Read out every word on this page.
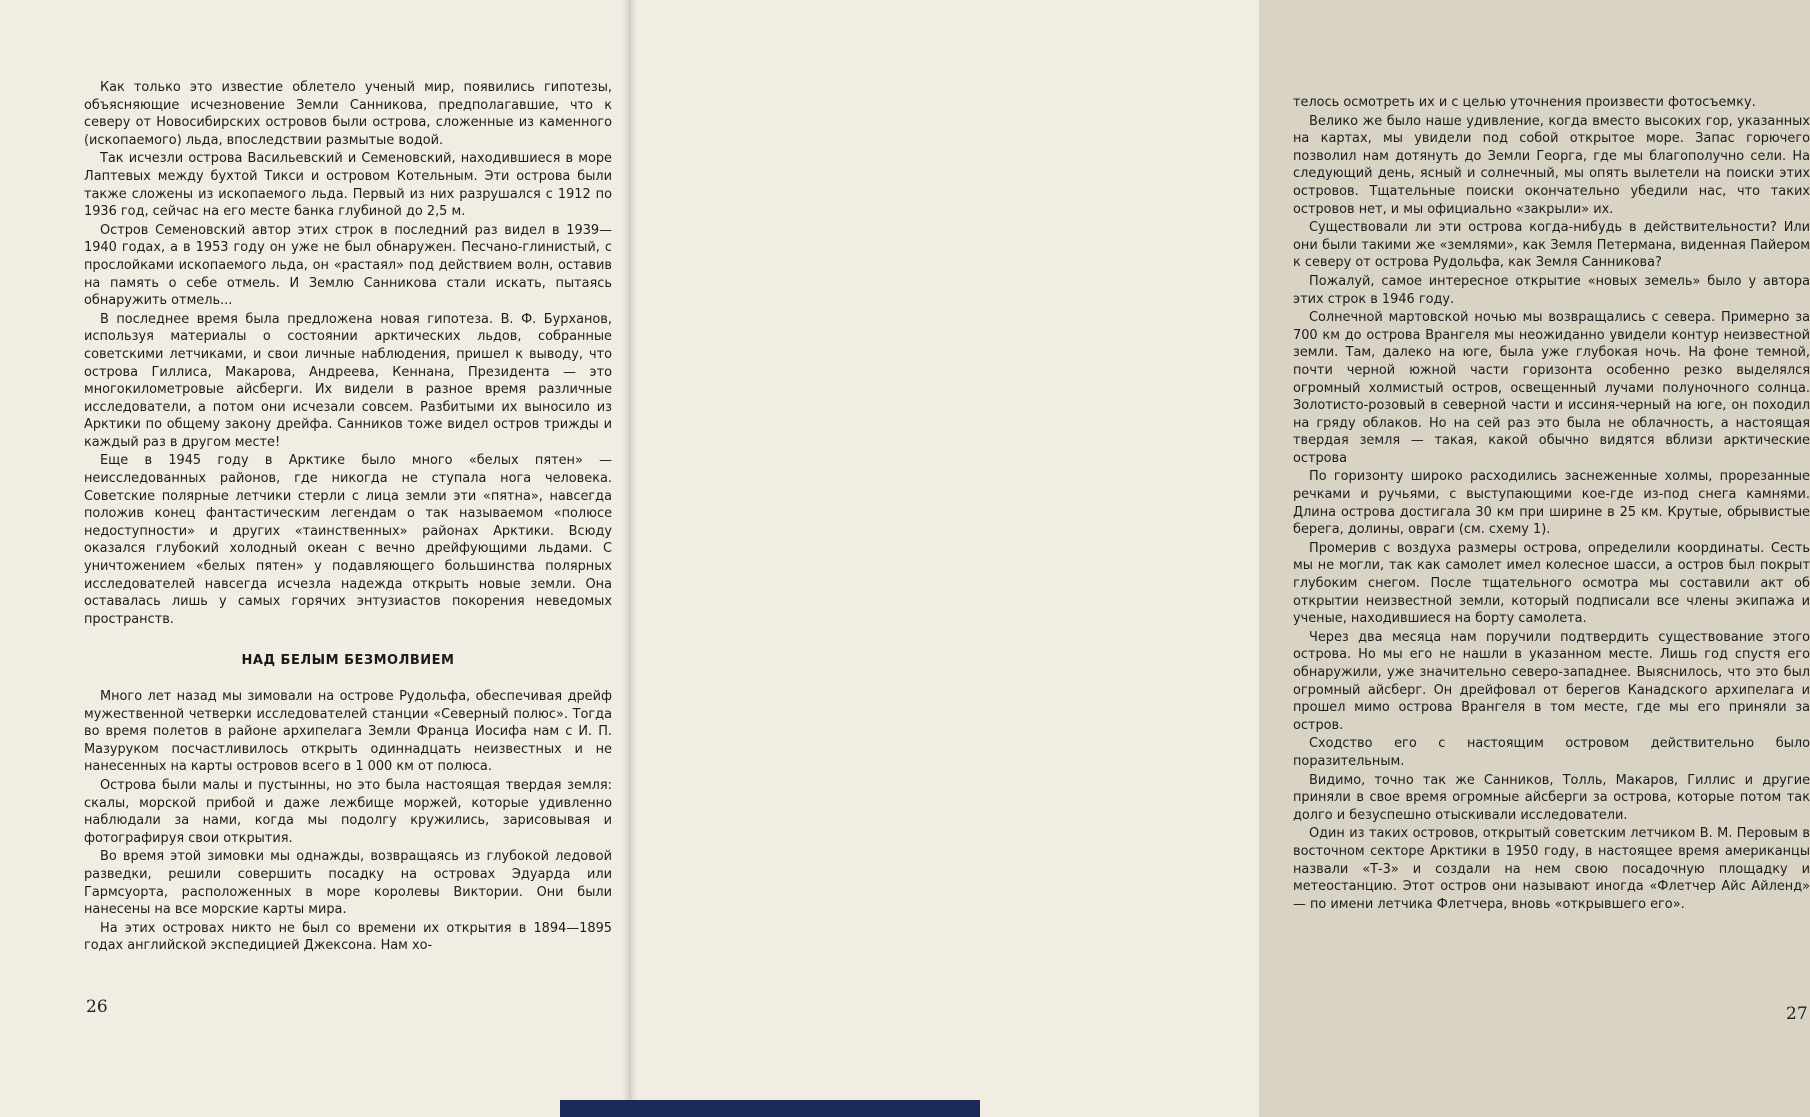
Как только это известие облетело ученый мир, появились гипотезы, объясняющие исчезновение Земли Санникова, предполагавшие, что к северу от Новосибирских островов были острова, сложенные из каменного (ископаемого) льда, впоследствии размытые водой.

Так исчезли острова Васильевский и Семеновский, находившиеся в море Лаптевых между бухтой Тикси и островом Котельным. Эти острова были также сложены из ископаемого льда. Первый из них разрушался с 1912 по 1936 год, сейчас на его месте банка глубиной до 2,5 м.

Остров Семеновский автор этих строк в последний раз видел в 1939—1940 годах, а в 1953 году он уже не был обнаружен. Песчано-глинистый, с прослойками ископаемого льда, он «растаял» под действием волн, оставив на память о себе отмель. И Землю Санникова стали искать, пытаясь обнаружить отмель...

В последнее время была предложена новая гипотеза. В. Ф. Бурханов, используя материалы о состоянии арктических льдов, собранные советскими летчиками, и свои личные наблюдения, пришел к выводу, что острова Гиллиса, Макарова, Андреева, Кеннана, Президента — это многокилометровые айсберги. Их видели в разное время различные исследователи, а потом они исчезали совсем. Разбитыми их выносило из Арктики по общему закону дрейфа. Санников тоже видел остров трижды и каждый раз в другом месте!

Еще в 1945 году в Арктике было много «белых пятен» — неисследованных районов, где никогда не ступала нога человека. Советские полярные летчики стерли с лица земли эти «пятна», навсегда положив конец фантастическим легендам о так называемом «полюсе недоступности» и других «таинственных» районах Арктики. Всюду оказался глубокий холодный океан с вечно дрейфующими льдами. С уничтожением «белых пятен» у подавляющего большинства полярных исследователей навсегда исчезла надежда открыть новые земли. Она оставалась лишь у самых горячих энтузиастов покорения неведомых пространств.

НАД БЕЛЫМ БЕЗМОЛВИЕМ

Много лет назад мы зимовали на острове Рудольфа, обеспечивая дрейф мужественной четверки исследователей станции «Северный полюс». Тогда во время полетов в районе архипелага Земли Франца Иосифа нам с И. П. Мазуруком посчастливилось открыть одиннадцать неизвестных и не нанесенных на карты островов всего в 1 000 км от полюса.

Острова были малы и пустынны, но это была настоящая твердая земля: скалы, морской прибой и даже лежбище моржей, которые удивленно наблюдали за нами, когда мы подолгу кружились, зарисовывая и фотографируя свои открытия.

Во время этой зимовки мы однажды, возвращаясь из глубокой ледовой разведки, решили совершить посадку на островах Эдуарда или Гармсуорта, расположенных в море королевы Виктории. Они были нанесены на все морские карты мира.

На этих островах никто не был со времени их открытия в 1894—1895 годах английской экспедицией Джексона. Нам хо-

26

телось осмотреть их и с целью уточнения произвести фотосъемку.

Велико же было наше удивление, когда вместо высоких гор, указанных на картах, мы увидели под собой открытое море. Запас горючего позволил нам дотянуть до Земли Георга, где мы благополучно сели. На следующий день, ясный и солнечный, мы опять вылетели на поиски этих островов. Тщательные поиски окончательно убедили нас, что таких островов нет, и мы официально «закрыли» их.

Существовали ли эти острова когда-нибудь в действительности? Или они были такими же «землями», как Земля Петермана, виденная Пайером к северу от острова Рудольфа, как Земля Санникова?

Пожалуй, самое интересное открытие «новых земель» было у автора этих строк в 1946 году.

Солнечной мартовской ночью мы возвращались с севера. Примерно за 700 км до острова Врангеля мы неожиданно увидели контур неизвестной земли. Там, далеко на юге, была уже глубокая ночь. На фоне темной, почти черной южной части горизонта особенно резко выделялся огромный холмистый остров, освещенный лучами полуночного солнца. Золотисто-розовый в северной части и иссиня-черный на юге, он походил на гряду облаков. Но на сей раз это была не облачность, а настоящая твердая земля — такая, какой обычно видятся вблизи арктические острова

По горизонту широко расходились заснеженные холмы, прорезанные речками и ручьями, с выступающими кое-где из-под снега камнями. Длина острова достигала 30 км при ширине в 25 км. Крутые, обрывистые берега, долины, овраги (см. схему 1).

Промерив с воздуха размеры острова, определили координаты. Сесть мы не могли, так как самолет имел колесное шасси, а остров был покрыт глубоким снегом. После тщательного осмотра мы составили акт об открытии неизвестной земли, который подписали все члены экипажа и ученые, находившиеся на борту самолета.

Через два месяца нам поручили подтвердить существование этого острова. Но мы его не нашли в указанном месте. Лишь год спустя его обнаружили, уже значительно северо-западнее. Выяснилось, что это был огромный айсберг. Он дрейфовал от берегов Канадского архипелага и прошел мимо острова Врангеля в том месте, где мы его приняли за остров.

Сходство его с настоящим островом действительно было поразительным.

Видимо, точно так же Санников, Толль, Макаров, Гиллис и другие приняли в свое время огромные айсберги за острова, которые потом так долго и безуспешно отыскивали исследователи.

Один из таких островов, открытый советским летчиком В. М. Перовым в восточном секторе Арктики в 1950 году, в настоящее время американцы назвали «Т-3» и создали на нем свою посадочную площадку и метеостанцию. Этот остров они называют иногда «Флетчер Айс Айленд» — по имени летчика Флетчера, вновь «открывшего его».

27
